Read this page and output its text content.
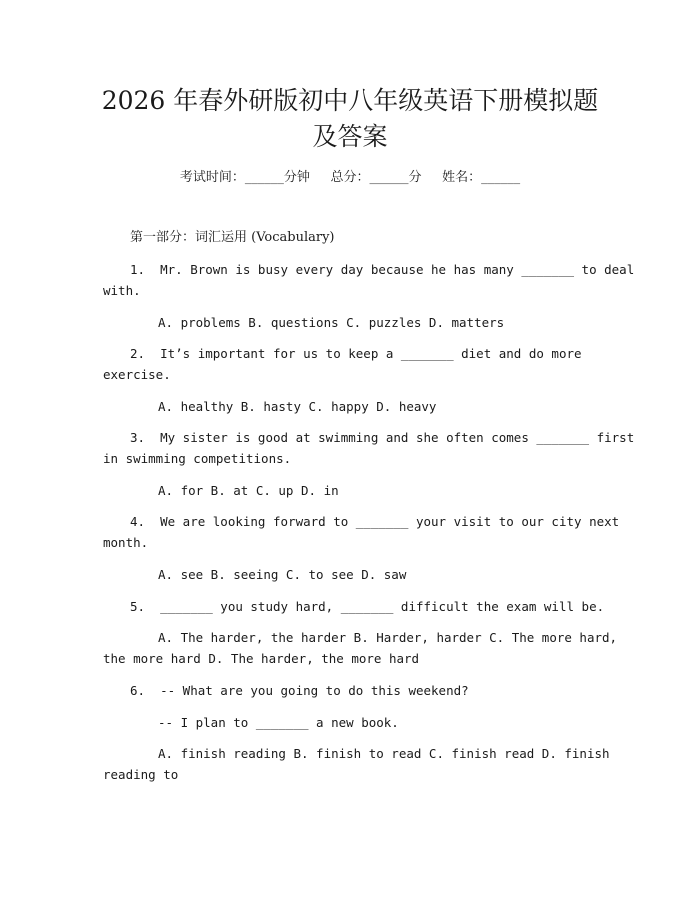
2026 年春外研版初中八年级英语下册模拟题
及答案
考试时间：______分钟     总分：______分     姓名：______
第一部分：词汇运用 (Vocabulary)
1.  Mr. Brown is busy every day because he has many _______ to deal
with.
A. problems B. questions C. puzzles D. matters
2.  It’s important for us to keep a _______ diet and do more
exercise.
A. healthy B. hasty C. happy D. heavy
3.  My sister is good at swimming and she often comes _______ first
in swimming competitions.
A. for B. at C. up D. in
4.  We are looking forward to _______ your visit to our city next
month.
A. see B. seeing C. to see D. saw
5.  _______ you study hard, _______ difficult the exam will be.
A. The harder, the harder B. Harder, harder C. The more hard,
the more hard D. The harder, the more hard
6.  -- What are you going to do this weekend?
-- I plan to _______ a new book.
A. finish reading B. finish to read C. finish read D. finish
reading to
